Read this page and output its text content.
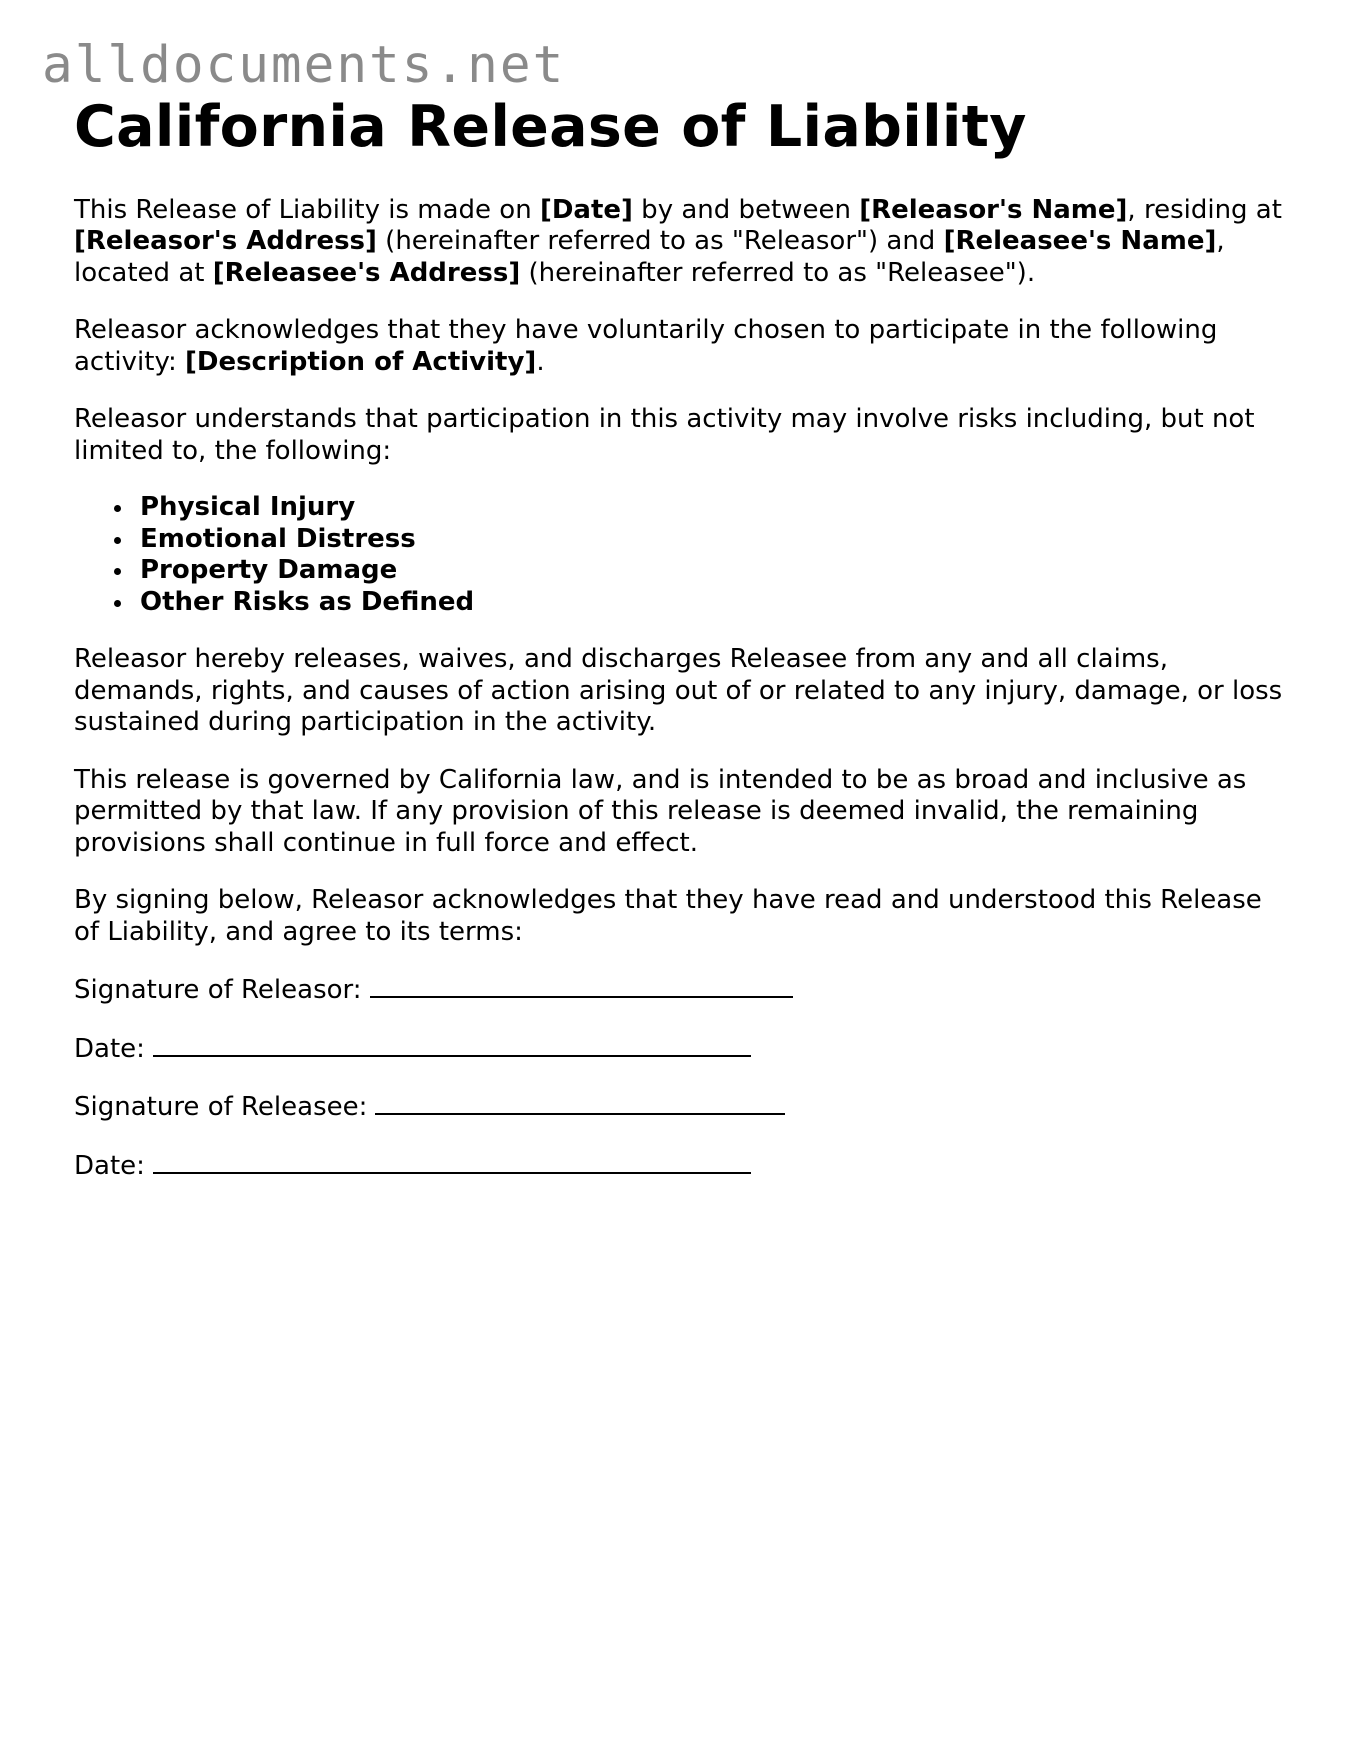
alldocuments.net
California Release of Liability

This Release of Liability is made on [Date] by and between [Releasor's Name], residing at [Releasor's Address] (hereinafter referred to as "Releasor") and [Releasee's Name], located at [Releasee's Address] (hereinafter referred to as "Releasee").

Releasor acknowledges that they have voluntarily chosen to participate in the following activity: [Description of Activity].

Releasor understands that participation in this activity may involve risks including, but not limited to, the following:

Physical Injury
Emotional Distress
Property Damage
Other Risks as Defined

Releasor hereby releases, waives, and discharges Releasee from any and all claims, demands, rights, and causes of action arising out of or related to any injury, damage, or loss sustained during participation in the activity.

This release is governed by California law, and is intended to be as broad and inclusive as permitted by that law. If any provision of this release is deemed invalid, the remaining provisions shall continue in full force and effect.

By signing below, Releasor acknowledges that they have read and understood this Release of Liability, and agree to its terms:

Signature of Releasor:
Date:
Signature of Releasee:
Date:
